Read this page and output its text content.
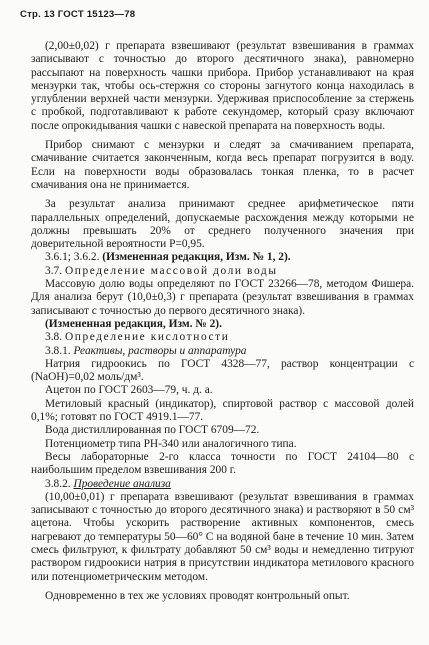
Стр. 13 ГОСТ 15123—78

(2,00±0,02) г препарата взвешивают (результат взвешивания в граммах записывают с точностью до второго десятичного знака), равномерно рассыпают на поверхность чашки прибора. Прибор устанавливают на края мензурки так, чтобы ось-стержня со стороны загнутого конца находилась в углублении верхней части мензурки. Удерживая приспособление за стержень с пробкой, подготавливают к работе секундомер, который сразу включают после опрокидывания чашки с навеской препарата на поверхность воды.

Прибор снимают с мензурки и следят за смачиванием препарата, смачивание считается законченным, когда весь препарат погрузится в воду. Если на поверхности воды образовалась тонкая пленка, то в расчет смачивания она не принимается.

За результат анализа принимают среднее арифметическое пяти параллельных определений, допускаемые расхождения между которыми не должны превышать 20% от среднего полученного значения при доверительной вероятности P=0,95.

3.6.1; 3.6.2. (Измененная редакция, Изм. № 1, 2).

3.7. Определение массовой доли воды

Массовую долю воды определяют по ГОСТ 23266—78, методом Фишера. Для анализа берут (10,0±0,3) г препарата (результат взвешивания в граммах записывают с точностью до первого десятичного знака).

(Измененная редакция, Изм. № 2).

3.8. Определение кислотности

3.8.1. Реактивы, растворы и аппаратура

Натрия гидроокись по ГОСТ 4328—77, раствор концентрации c (NaOH)=0,02 моль/дм³.

Ацетон по ГОСТ 2603—79, ч. д. а.

Метиловый красный (индикатор), спиртовой раствор с массовой долей 0,1%; готовят по ГОСТ 4919.1—77.

Вода дистиллированная по ГОСТ 6709—72.

Потенциометр типа РН-340 или аналогичного типа.

Весы лабораторные 2-го класса точности по ГОСТ 24104—80 с наибольшим пределом взвешивания 200 г.

3.8.2. Проведение анализа

(10,00±0,01) г препарата взвешивают (результат взвешивания в граммах записывают с точностью до второго десятичного знака) и растворяют в 50 см³ ацетона. Чтобы ускорить растворение активных компонентов, смесь нагревают до температуры 50—60° С на водяной бане в течение 10 мин. Затем смесь фильтруют, к фильтрату добавляют 50 см³ воды и немедленно титруют раствором гидроокиси натрия в присутствии индикатора метилового красного или потенциометрическим методом.

Одновременно в тех же условиях проводят контрольный опыт.
